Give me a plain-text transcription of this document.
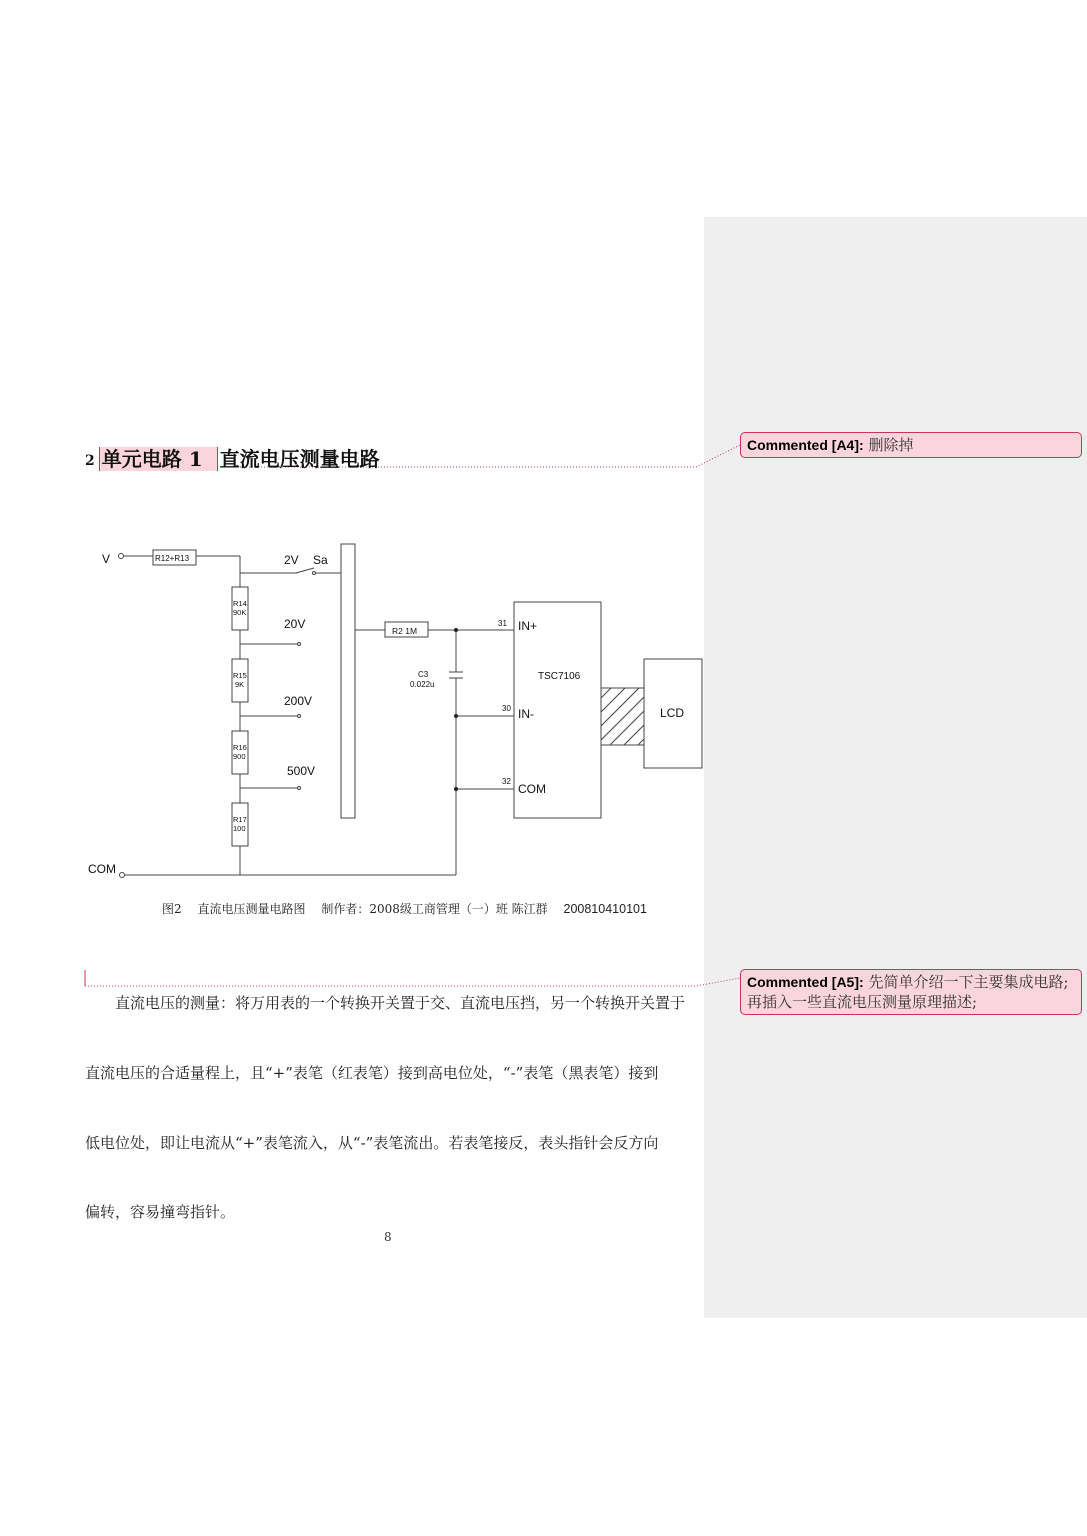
Commented [A4]: 删除掉
Commented [A5]: 先简单介绍一下主要集成电路;再插入一些直流电压测量原理描述;
2 单元电路 1 直流电压测量电路
V
COM
R12+R13
R14
90K
R15
9K
R16
900
R17
100
2V Sa
20V
200V
500V
R2 1M
C3
0.022u
31
30
32
IN+
IN-
COM
TSC7106
LCD
图2 直流电压测量电路图 制作者：2008级工商管理（一）班 陈江群 200810410101
直流电压的测量：将万用表的一个转换开关置于交、直流电压挡，另一个转换开关置于
直流电压的合适量程上，且“+”表笔（红表笔）接到高电位处，“-”表笔（黑表笔）接到
低电位处，即让电流从“+”表笔流入，从“-”表笔流出。若表笔接反，表头指针会反方向
偏转，容易撞弯指针。
8
